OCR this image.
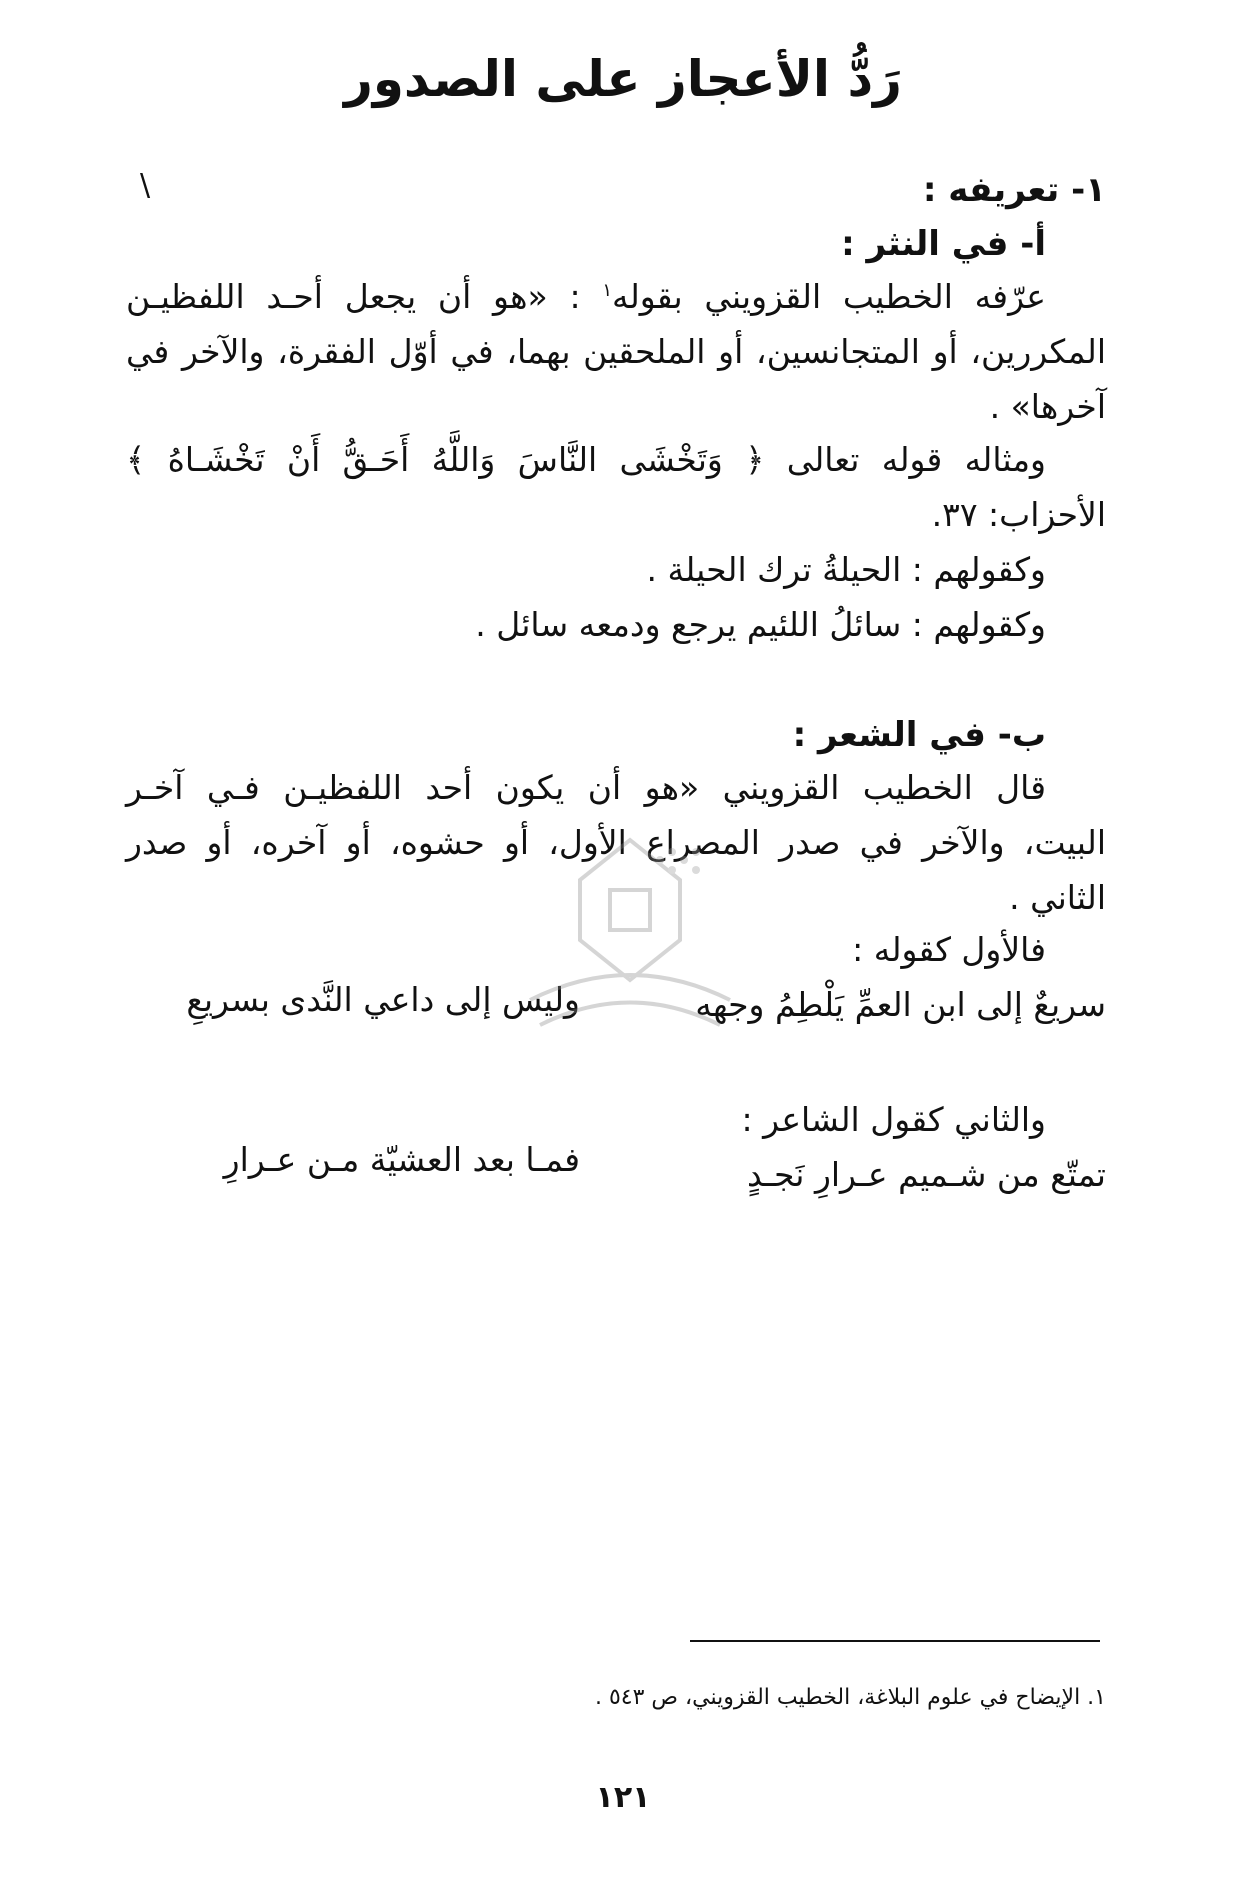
رَدُّ الأعجاز على الصدور
\	١- تعريفه :
أ- في النثر :
عرّفه الخطيب القزويني بقوله$^١$ : «هو أن يجعل أحـد اللفظيـن
المكررين، أو المتجانسين، أو الملحقين بهما، في أوّل الفقرة، والآخر في
آخرها» .
ومثاله قوله تعالى ﴿ وَتَخْشَى النَّاسَ وَاللَّهُ أَحَـقُّ أَنْ تَخْشَـاهُ ﴾
الأحزاب: ٣٧.
وكقولهم : الحيلةُ ترك الحيلة .
وكقولهم : سائلُ اللئيم يرجع ودمعه سائل .
ب- في الشعر :
قال الخطيب القزويني «هو أن يكون أحد اللفظيـن فـي آخـر
البيت، والآخر في صدر المصراع الأول، أو حشوه، أو آخره، أو صدر
الثاني .
فالأول كقوله :
سريعٌ إلى ابن العمِّ يَلْطِمُ وجهه
وليس إلى داعي النَّدى بسريعِ
والثاني كقول الشاعر :
تمتّع من شـميم عـرارِ نَجـدٍ
فمـا بعد العشيّة مـن عـرارِ
١. الإيضاح في علوم البلاغة، الخطيب القزويني، ص ٥٤٣ .
١٢١
